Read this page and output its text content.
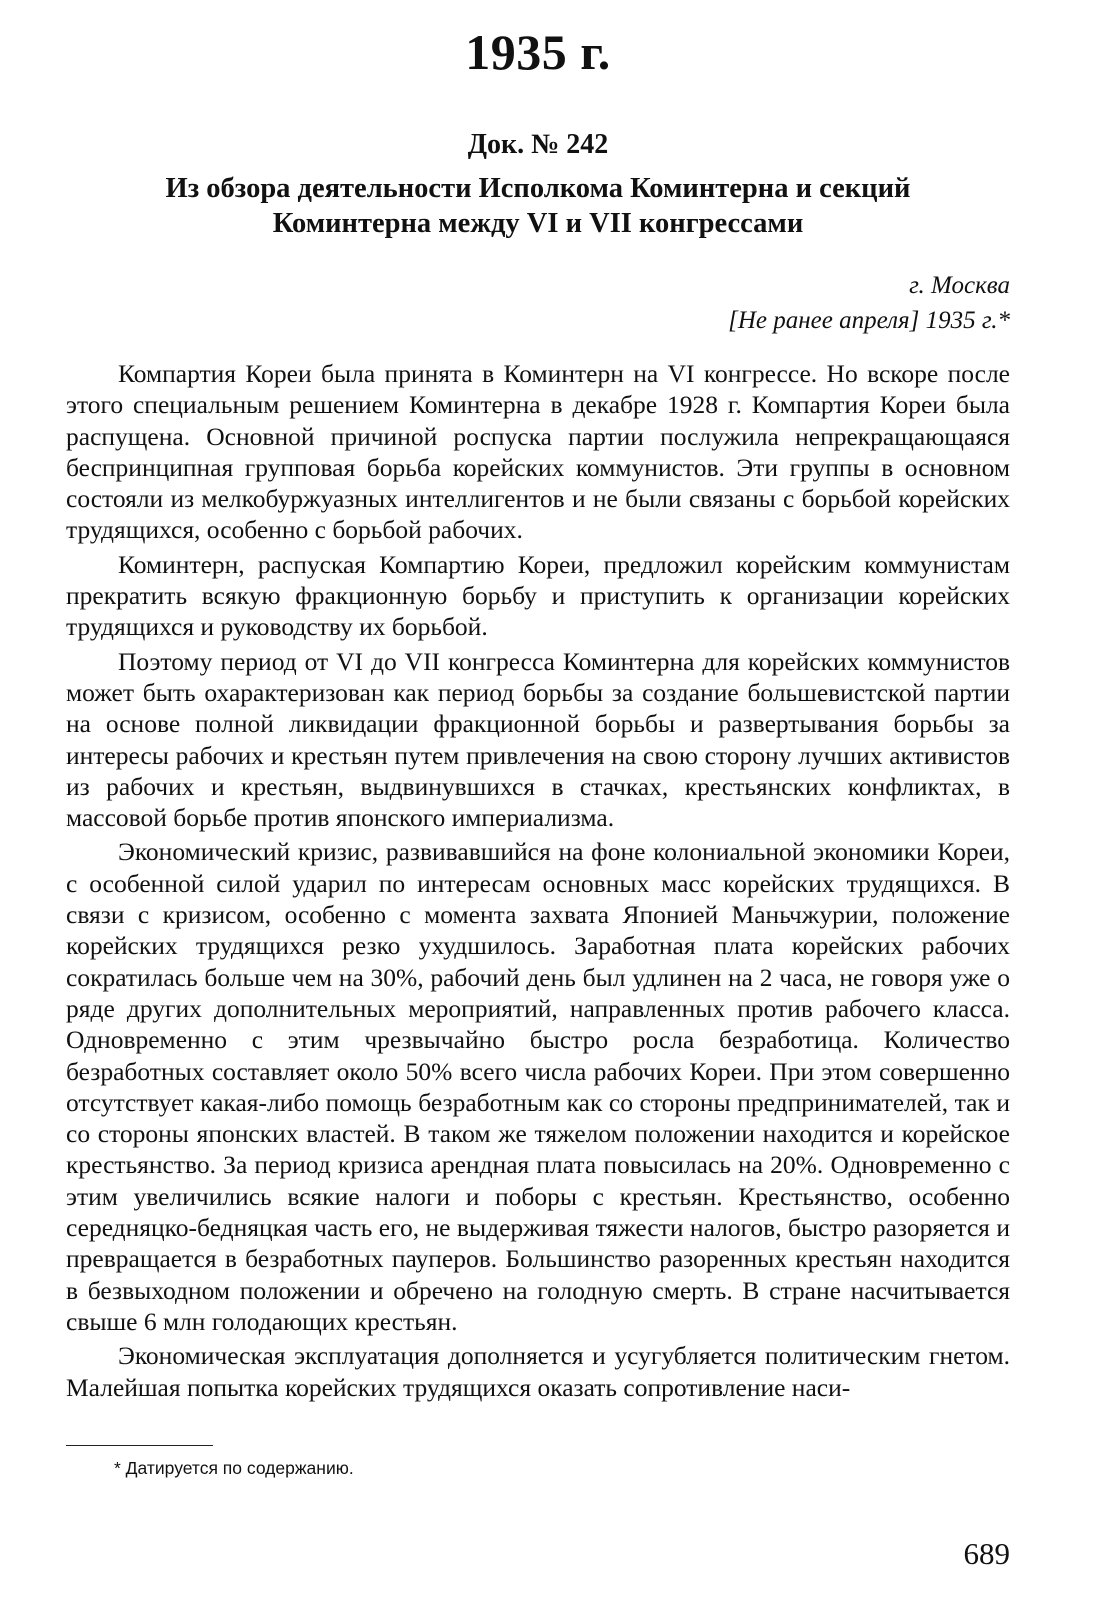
1935 г.
Док. № 242
Из обзора деятельности Исполкома Коминтерна и секций
Коминтерна между VI и VII конгрессами
г. Москва
[Не ранее апреля] 1935 г.*

Компартия Кореи была принята в Коминтерн на VI конгрессе. Но вскоре после этого специальным решением Коминтерна в декабре 1928 г. Компартия Кореи была распущена. Основной причиной роспуска партии послужила непрекращающаяся беспринципная групповая борьба корейских коммунистов. Эти группы в основном состояли из мелкобуржуазных интеллигентов и не были связаны с борьбой корейских трудящихся, особенно с борьбой рабочих.

Коминтерн, распуская Компартию Кореи, предложил корейским коммунистам прекратить всякую фракционную борьбу и приступить к организации корейских трудящихся и руководству их борьбой.

Поэтому период от VI до VII конгресса Коминтерна для корейских коммунистов может быть охарактеризован как период борьбы за создание большевистской партии на основе полной ликвидации фракционной борьбы и развертывания борьбы за интересы рабочих и крестьян путем привлечения на свою сторону лучших активистов из рабочих и крестьян, выдвинувшихся в стачках, крестьянских конфликтах, в массовой борьбе против японского империализма.

Экономический кризис, развивавшийся на фоне колониальной экономики Кореи, с особенной силой ударил по интересам основных масс корейских трудящихся. В связи с кризисом, особенно с момента захвата Японией Маньчжурии, положение корейских трудящихся резко ухудшилось. Заработная плата корейских рабочих сократилась больше чем на 30%, рабочий день был удлинен на 2 часа, не говоря уже о ряде других дополнительных мероприятий, направленных против рабочего класса. Одновременно с этим чрезвычайно быстро росла безработица. Количество безработных составляет около 50% всего числа рабочих Кореи. При этом совершенно отсутствует какая-либо помощь безработным как со стороны предпринимателей, так и со стороны японских властей. В таком же тяжелом положении находится и корейское крестьянство. За период кризиса арендная плата повысилась на 20%. Одновременно с этим увеличились всякие налоги и поборы с крестьян. Крестьянство, особенно середняцко-бедняцкая часть его, не выдерживая тяжести налогов, быстро разоряется и превращается в безработных пауперов. Большинство разоренных крестьян находится в безвыходном положении и обречено на голодную смерть. В стране насчитывается свыше 6 млн голодающих крестьян.

Экономическая эксплуатация дополняется и усугубляется политическим гнетом. Малейшая попытка корейских трудящихся оказать сопротивление наси-

* Датируется по содержанию.
689
